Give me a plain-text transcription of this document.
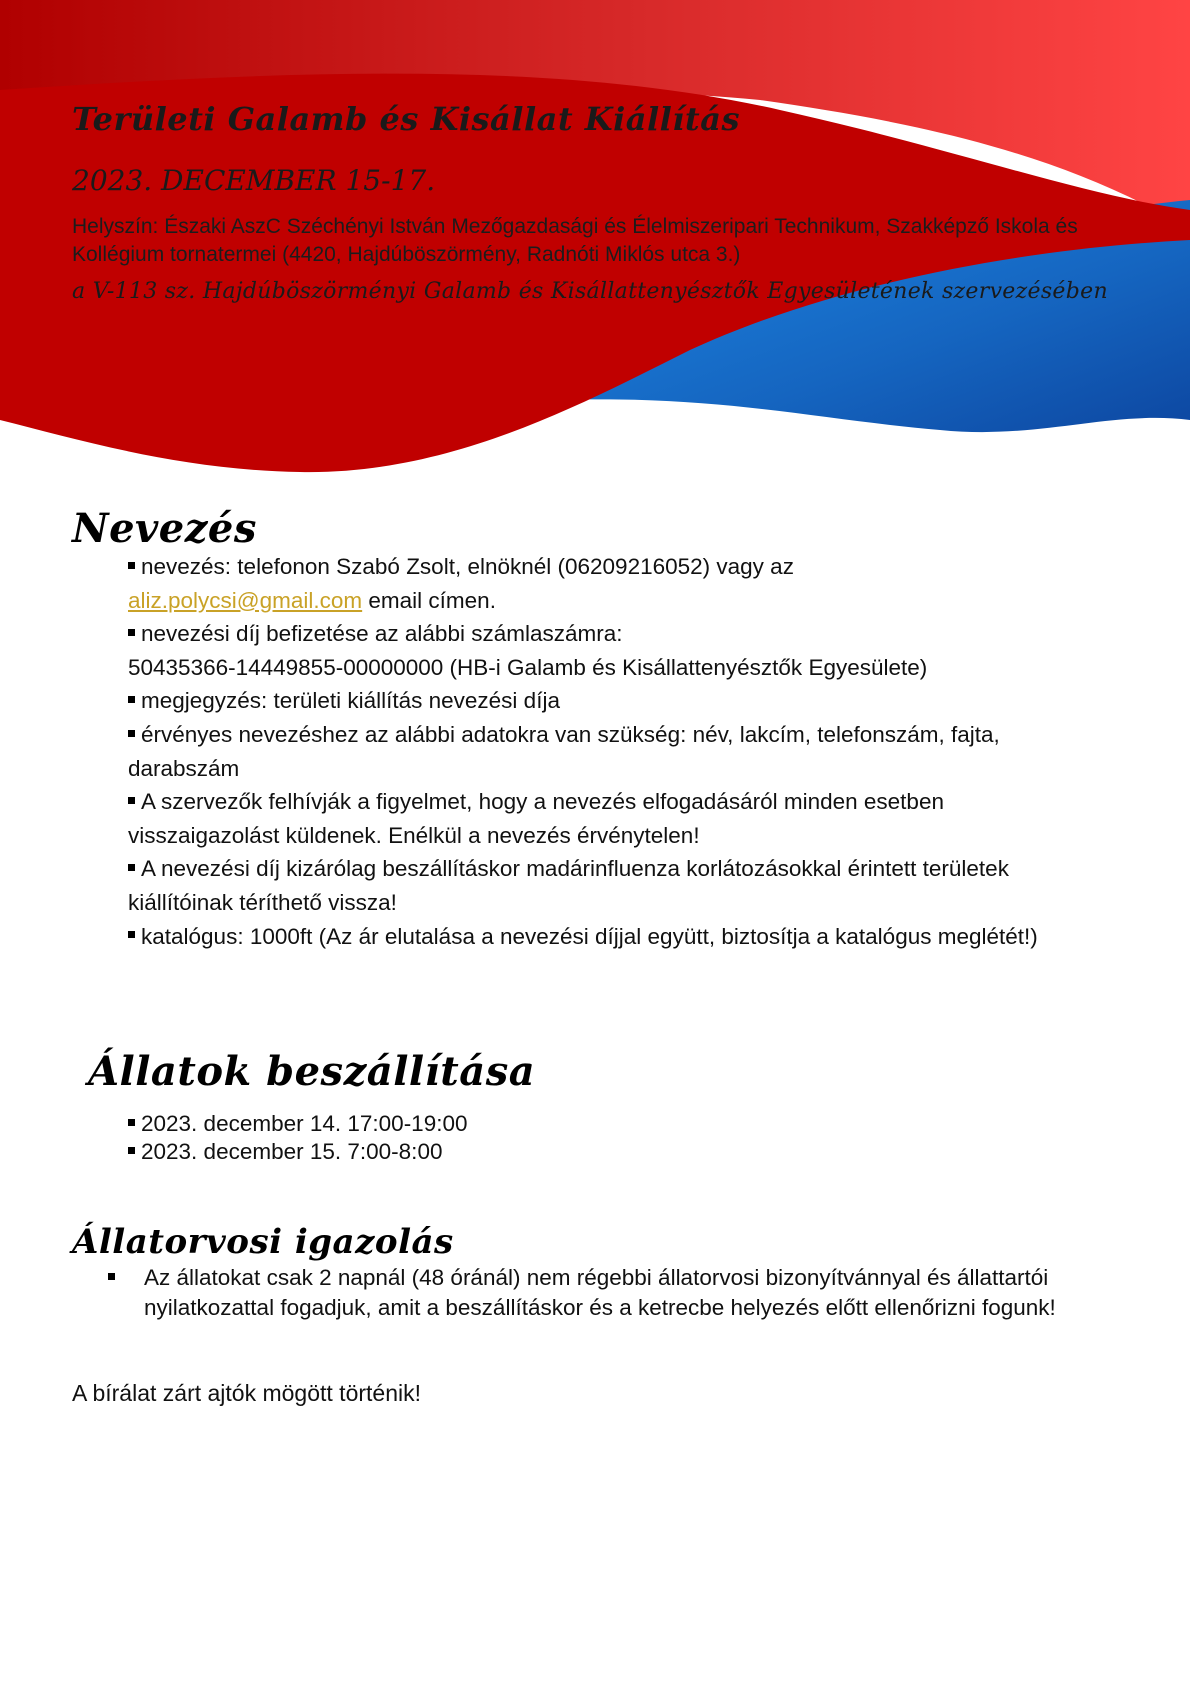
Területi Galamb és Kisállat Kiállítás

2023. DECEMBER 15-17.

Helyszín: Északi AszC Széchényi István Mezőgazdasági és Élelmiszeripari Technikum, Szakképző Iskola és Kollégium tornatermei (4420, Hajdúböszörmény, Radnóti Miklós utca 3.)

a V-113 sz. Hajdúböszörményi Galamb és Kisállattenyésztők Egyesületének szervezésében

Nevezés
nevezés: telefonon Szabó Zsolt, elnöknél (06209216052) vagy az
aliz.polycsi@gmail.com email címen.
nevezési díj befizetése az alábbi számlaszámra:
50435366-14449855-00000000 (HB-i Galamb és Kisállattenyésztők Egyesülete)
megjegyzés: területi kiállítás nevezési díja
érvényes nevezéshez az alábbi adatokra van szükség: név, lakcím, telefonszám, fajta, darabszám
A szervezők felhívják a figyelmet, hogy a nevezés elfogadásáról minden esetben visszaigazolást küldenek. Enélkül a nevezés érvénytelen!
A nevezési díj kizárólag beszállításkor madárinfluenza korlátozásokkal érintett területek kiállítóinak téríthető vissza!
katalógus: 1000ft (Az ár elutalása a nevezési díjjal együtt, biztosítja a katalógus meglétét!)
Állatok beszállítása
2023. december 14. 17:00-19:00
2023. december 15. 7:00-8:00
Állatorvosi igazolás
Az állatokat csak 2 napnál (48 óránál) nem régebbi állatorvosi bizonyítvánnyal és állattartói nyilatkozattal fogadjuk, amit a beszállításkor és a ketrecbe helyezés előtt ellenőrizni fogunk!

A bírálat zárt ajtók mögött történik!
